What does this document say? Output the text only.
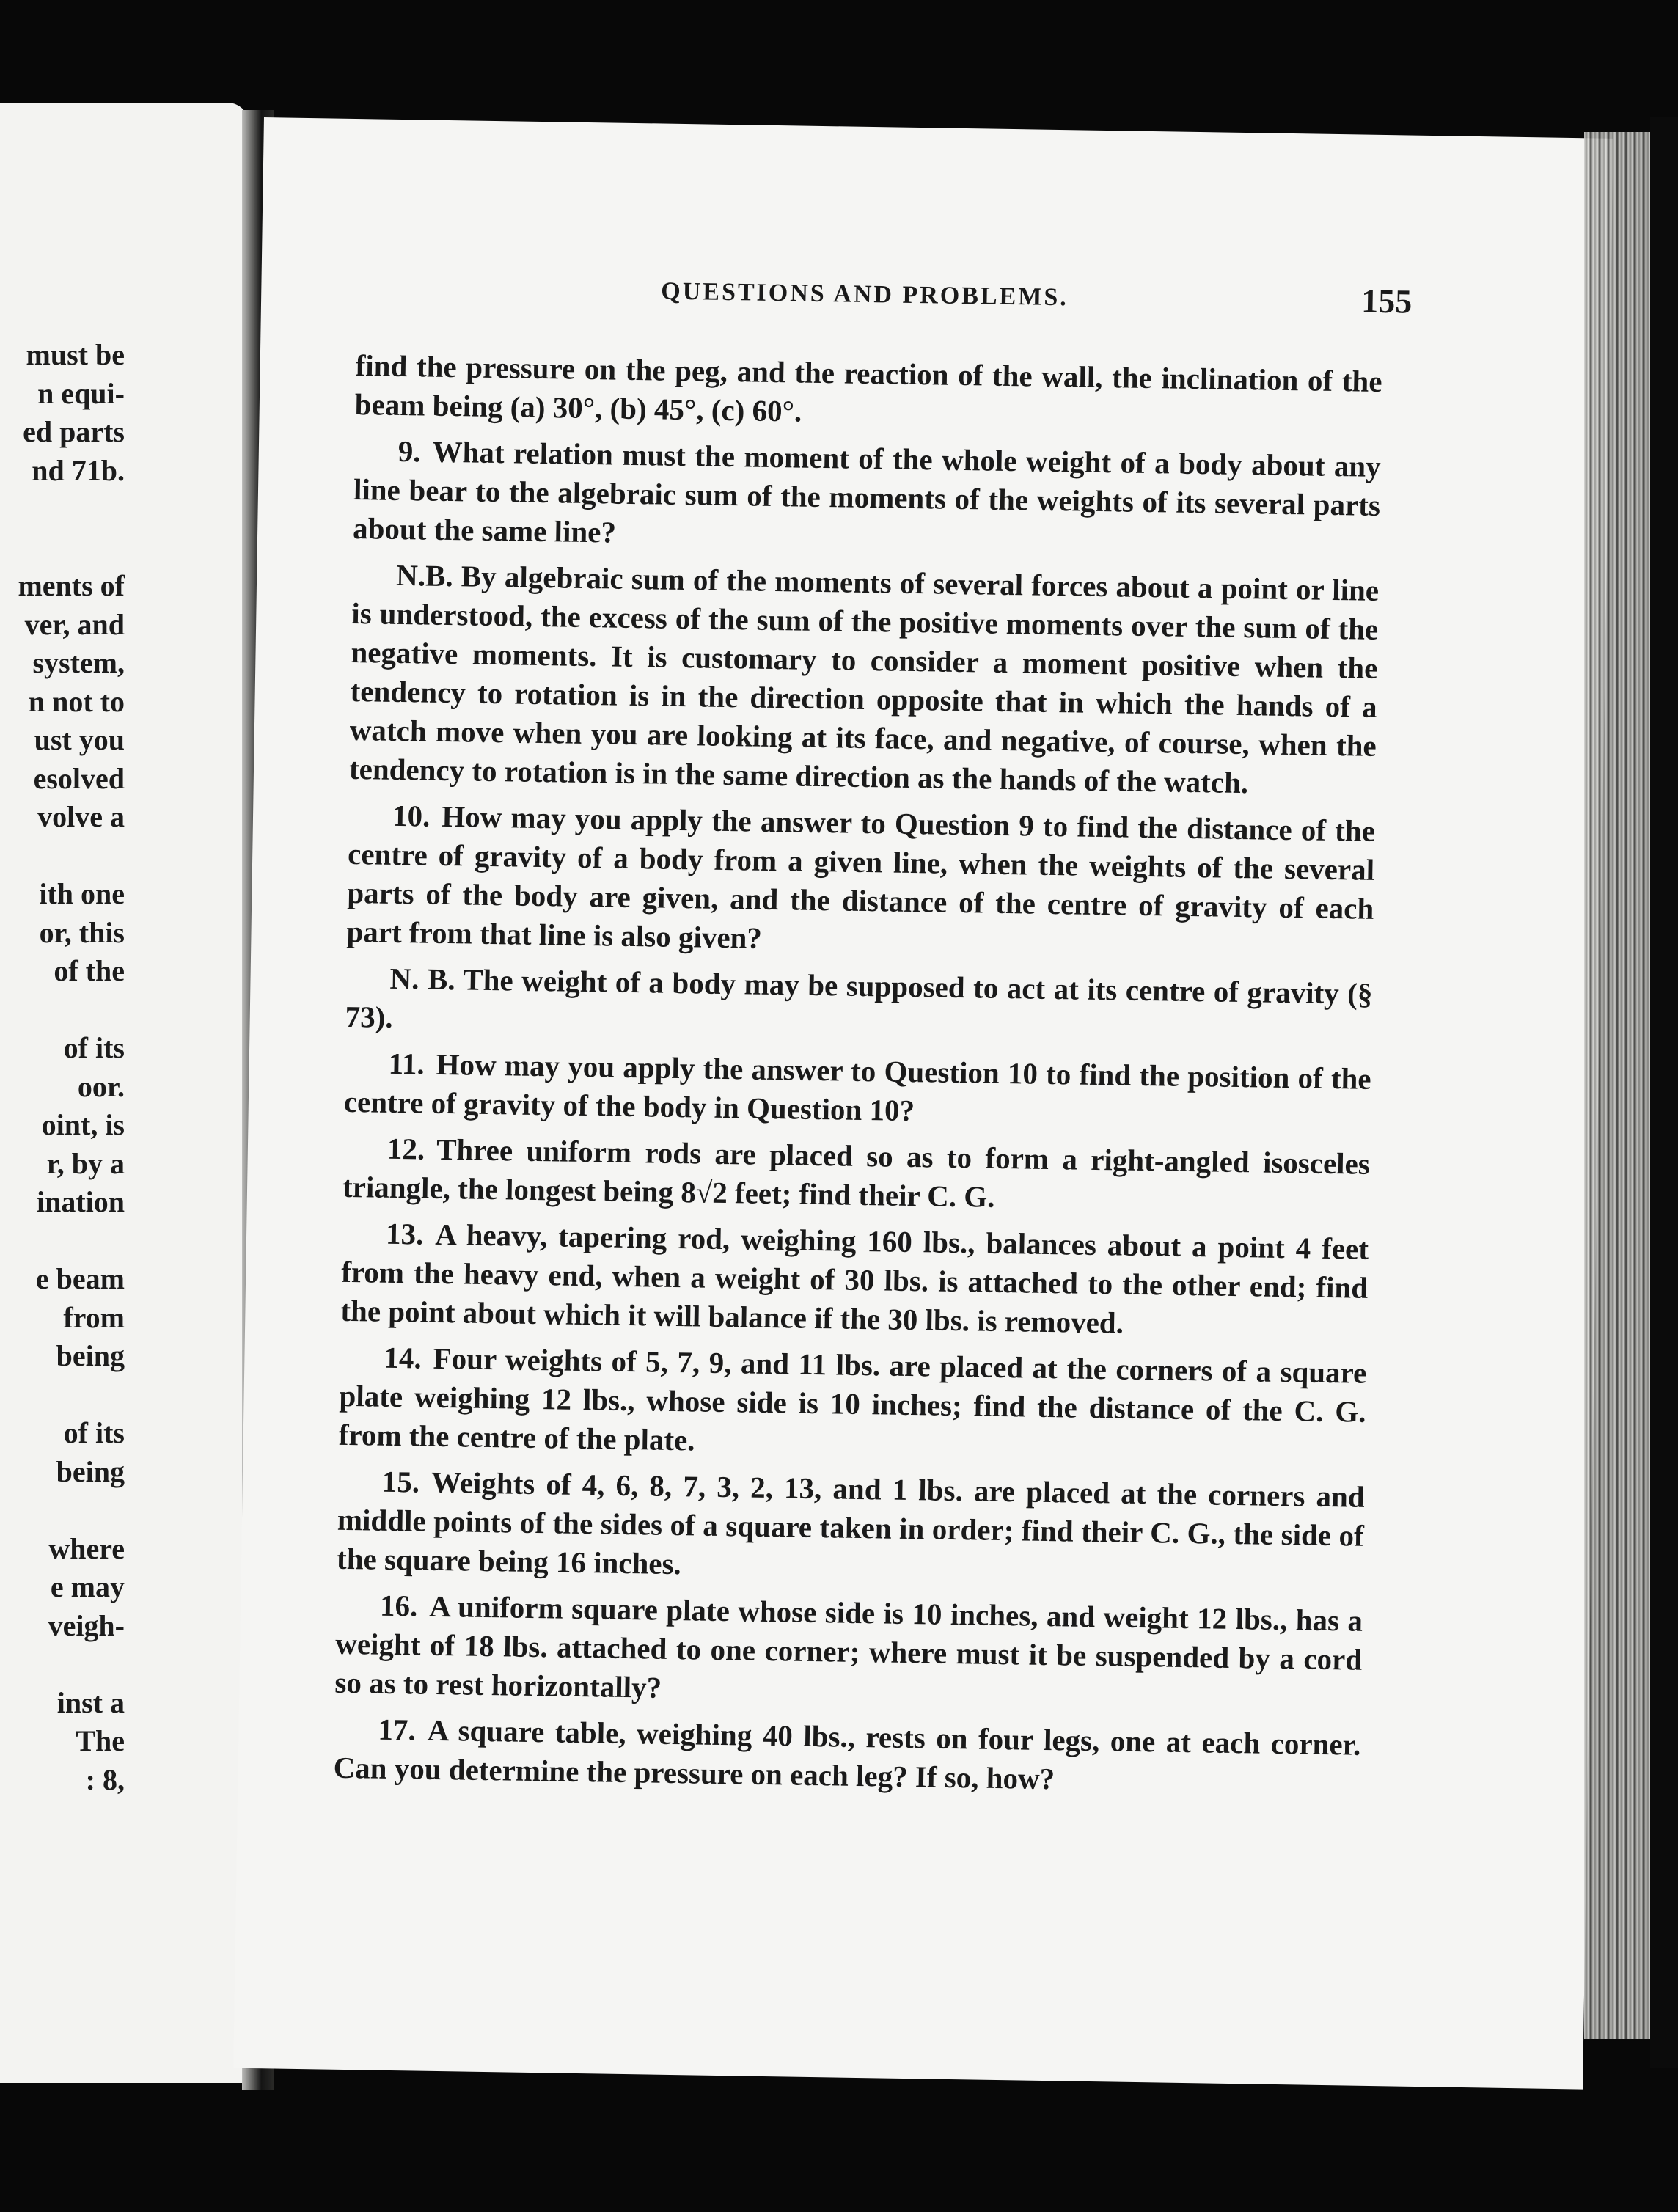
must be
n equi-
ed parts
nd 71b.
ments of
ver, and
system,
n not to
ust you
esolved
volve a
ith one
or, this
of the
of its
oor.
oint, is
r, by a
ination
e beam
from
being
of its
being
where
e may
veigh-
inst a
The
: 8,
QUESTIONS AND PROBLEMS.	155

find the pressure on the peg, and the reaction of the wall, the inclination of the beam being (a) 30°, (b) 45°, (c) 60°.

9. What relation must the moment of the whole weight of a body about any line bear to the algebraic sum of the moments of the weights of its several parts about the same line?

N.B. By algebraic sum of the moments of several forces about a point or line is understood, the excess of the sum of the positive moments over the sum of the negative moments. It is customary to consider a moment positive when the tendency to rotation is in the direction opposite that in which the hands of a watch move when you are looking at its face, and negative, of course, when the tendency to rotation is in the same direction as the hands of the watch.

10. How may you apply the answer to Question 9 to find the distance of the centre of gravity of a body from a given line, when the weights of the several parts of the body are given, and the distance of the centre of gravity of each part from that line is also given?

N. B. The weight of a body may be supposed to act at its centre of gravity (§ 73).

11. How may you apply the answer to Question 10 to find the position of the centre of gravity of the body in Question 10?

12. Three uniform rods are placed so as to form a right-angled isosceles triangle, the longest being 8√2 feet; find their C. G.

13. A heavy, tapering rod, weighing 160 lbs., balances about a point 4 feet from the heavy end, when a weight of 30 lbs. is attached to the other end; find the point about which it will balance if the 30 lbs. is removed.

14. Four weights of 5, 7, 9, and 11 lbs. are placed at the corners of a square plate weighing 12 lbs., whose side is 10 inches; find the distance of the C. G. from the centre of the plate.

15. Weights of 4, 6, 8, 7, 3, 2, 13, and 1 lbs. are placed at the corners and middle points of the sides of a square taken in order; find their C. G., the side of the square being 16 inches.

16. A uniform square plate whose side is 10 inches, and weight 12 lbs., has a weight of 18 lbs. attached to one corner; where must it be suspended by a cord so as to rest horizontally?

17. A square table, weighing 40 lbs., rests on four legs, one at each corner. Can you determine the pressure on each leg? If so, how?
